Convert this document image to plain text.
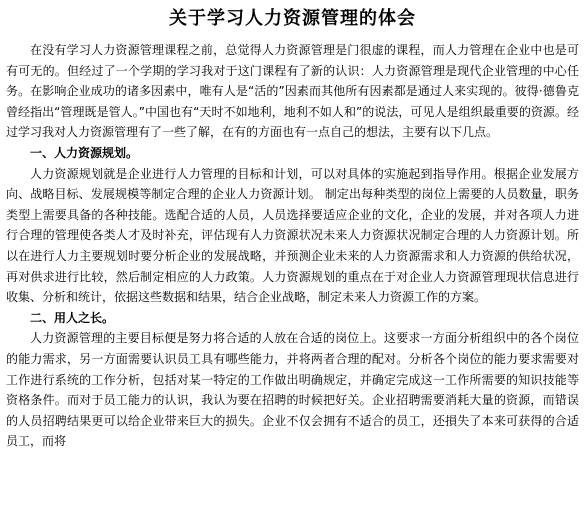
关于学习人力资源管理的体会

在没有学习人力资源管理课程之前，总觉得人力资源管理是门很虚的课程，而人力管理在企业中也是可有可无的。但经过了一个学期的学习我对于这门课程有了新的认识：人力资源管理是现代企业管理的中心任务。在影响企业成功的诸多因素中，唯有人是“活的”因素而其他所有因素都是通过人来实现的。彼得·德鲁克曾经指出“管理既是管人。”中国也有“天时不如地利，地利不如人和”的说法，可见人是组织最重要的资源。经过学习我对人力资源管理有了一些了解，在有的方面也有一点自己的想法，主要有以下几点。

一、人力资源规划。

人力资源规划就是企业进行人力管理的目标和计划，可以对具体的实施起到指导作用。根据企业发展方向、战略目标、发展规模等制定合理的企业人力资源计划。 制定出每种类型的岗位上需要的人员数量，职务类型上需要具备的各种技能。选配合适的人员，人员选择要适应企业的文化，企业的发展，并对各项人力进行合理的管理使各类人才及时补充，评估现有人力资源状况未来人力资源状况制定合理的人力资源计划。所以在进行人力主要规划时要分析企业的发展战略，并预测企业未来的人力资源需求和人力资源的供给状况，再对供求进行比较，然后制定相应的人力政策。人力资源规划的重点在于对企业人力资源管理现状信息进行收集、分析和统计，依据这些数据和结果，结合企业战略，制定未来人力资源工作的方案。

二、用人之长。

人力资源管理的主要目标便是努力将合适的人放在合适的岗位上。这要求一方面分析组织中的各个岗位的能力需求，另一方面需要认识员工具有哪些能力，并将两者合理的配对。分析各个岗位的能力要求需要对工作进行系统的工作分析，包括对某一特定的工作做出明确规定，并确定完成这一工作所需要的知识技能等资格条件。而对于员工能力的认识，我认为要在招聘的时候把好关。企业招聘需要消耗大量的资源，而错误的人员招聘结果更可以给企业带来巨大的损失。企业不仅会拥有不适合的员工，还損失了本来可获得的合适员工，而将
